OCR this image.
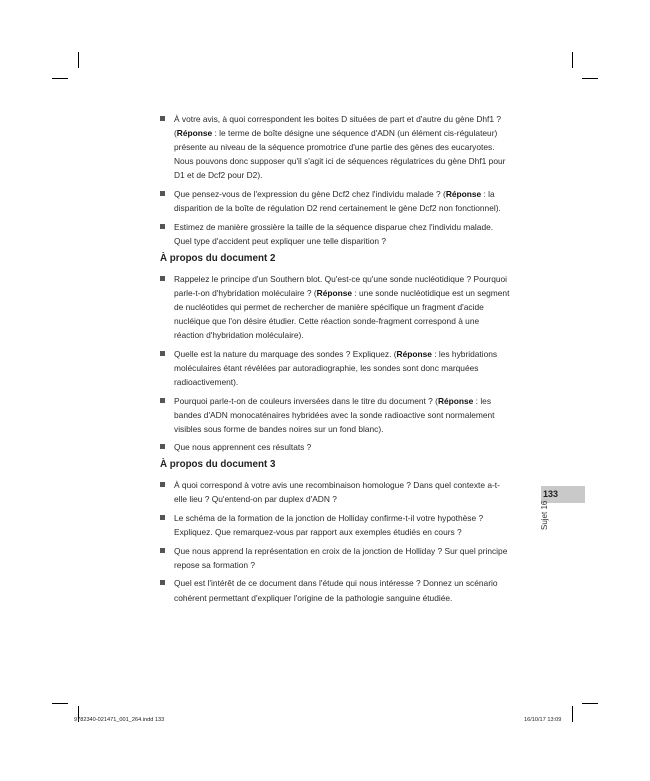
À votre avis, à quoi correspondent les boites D situées de part et d'autre du gène Dhf1 ? (Réponse : le terme de boîte désigne une séquence d'ADN (un élément cis-régulateur) présente au niveau de la séquence promotrice d'une partie des gènes des eucaryotes. Nous pouvons donc supposer qu'il s'agit ici de séquences régulatrices du gène Dhf1 pour D1 et de Dcf2 pour D2).
Que pensez-vous de l'expression du gène Dcf2 chez l'individu malade ? (Réponse : la disparition de la boîte de régulation D2 rend certainement le gène Dcf2 non fonctionnel).
Estimez de manière grossière la taille de la séquence disparue chez l'individu malade. Quel type d'accident peut expliquer une telle disparition ?
À propos du document 2
Rappelez le principe d'un Southern blot. Qu'est-ce qu'une sonde nucléotidique ? Pourquoi parle-t-on d'hybridation moléculaire ? (Réponse : une sonde nucléotidique est un segment de nucléotides qui permet de rechercher de manière spécifique un fragment d'acide nucléique que l'on désire étudier. Cette réaction sonde-fragment correspond à une réaction d'hybridation moléculaire).
Quelle est la nature du marquage des sondes ? Expliquez. (Réponse : les hybridations moléculaires étant révélées par autoradiographie, les sondes sont donc marquées radioactivement).
Pourquoi parle-t-on de couleurs inversées dans le titre du document ? (Réponse : les bandes d'ADN monocaténaires hybridées avec la sonde radioactive sont normalement visibles sous forme de bandes noires sur un fond blanc).
Que nous apprennent ces résultats ?
À propos du document 3
À quoi correspond à votre avis une recombinaison homologue ? Dans quel contexte a-t-elle lieu ? Qu'entend-on par duplex d'ADN ?
Le schéma de la formation de la jonction de Holliday confirme-t-il votre hypothèse ? Expliquez. Que remarquez-vous par rapport aux exemples étudiés en cours ?
Que nous apprend la représentation en croix de la jonction de Holliday ? Sur quel principe repose sa formation ?
Quel est l'intérêt de ce document dans l'étude qui nous intéresse ? Donnez un scénario cohérent permettant d'expliquer l'origine de la pathologie sanguine étudiée.
133
Sujet 16
9782340-021471_001_264.indd 133	16/10/17 13:09
